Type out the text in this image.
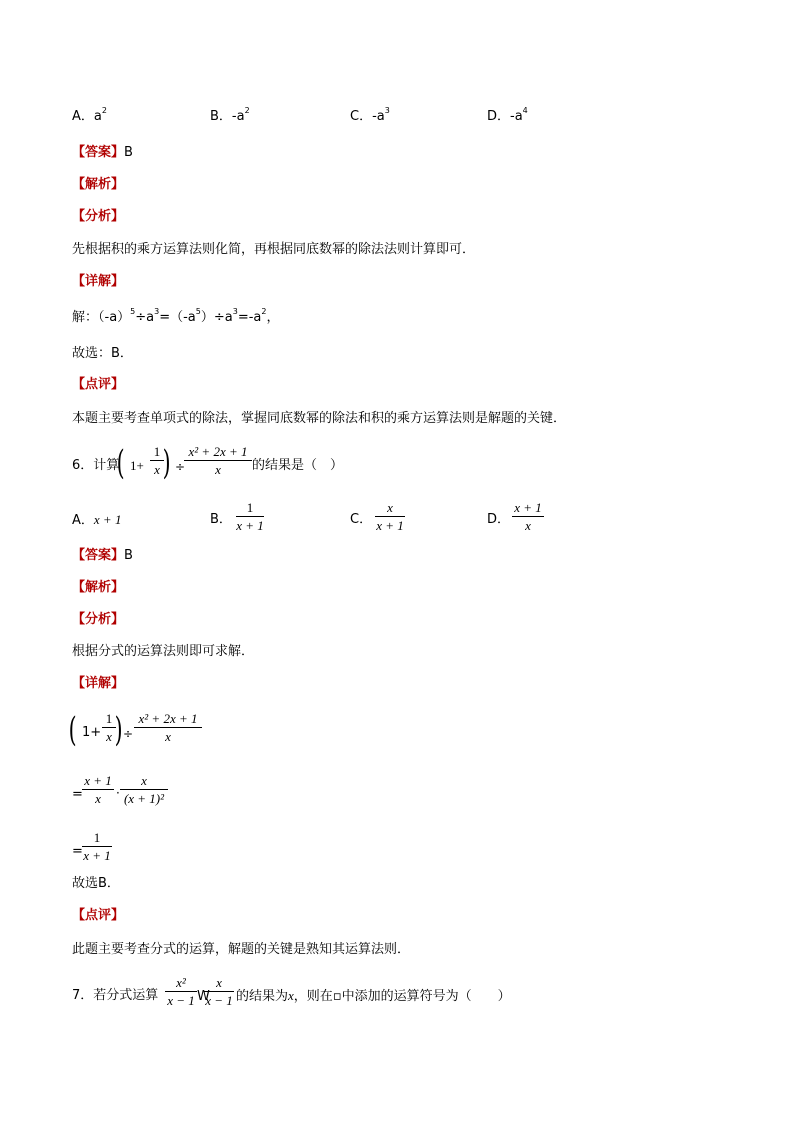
A．$a^2$	B．$-a^2$	C．$-a^3$	D．$-a^4$
【答案】B
【解析】
【分析】
先根据积的乘方运算法则化简，再根据同底数幂的除法法则计算即可．
【详解】
解：$(-a)^5\div a^3=(-a^5)\div a^3=-a^2$，
故选：B．
【点评】
本题主要考查单项式的除法，掌握同底数幂的除法和积的乘方运算法则是解题的关键．
6．计算
( 1+
1
x ) ÷
x² + 2x + 1
x	的结果是（　）
A．x + 1	B．
1
x + 1	C．
x
x + 1	D．
x + 1
x
【答案】B
【解析】
【分析】
根据分式的运算法则即可求解．
【详解】
( 1+
1
x ) ÷
x² + 2x + 1
x
=
x + 1
x	·
x
(x + 1)²
=
1
x + 1
故选B．
【点评】
此题主要考查分式的运算，解题的关键是熟知其运算法则．
7．若分式运算
x²
x − 1 W
x
x − 1 的结果为x，则在▫中添加的运算符号为（　　）
